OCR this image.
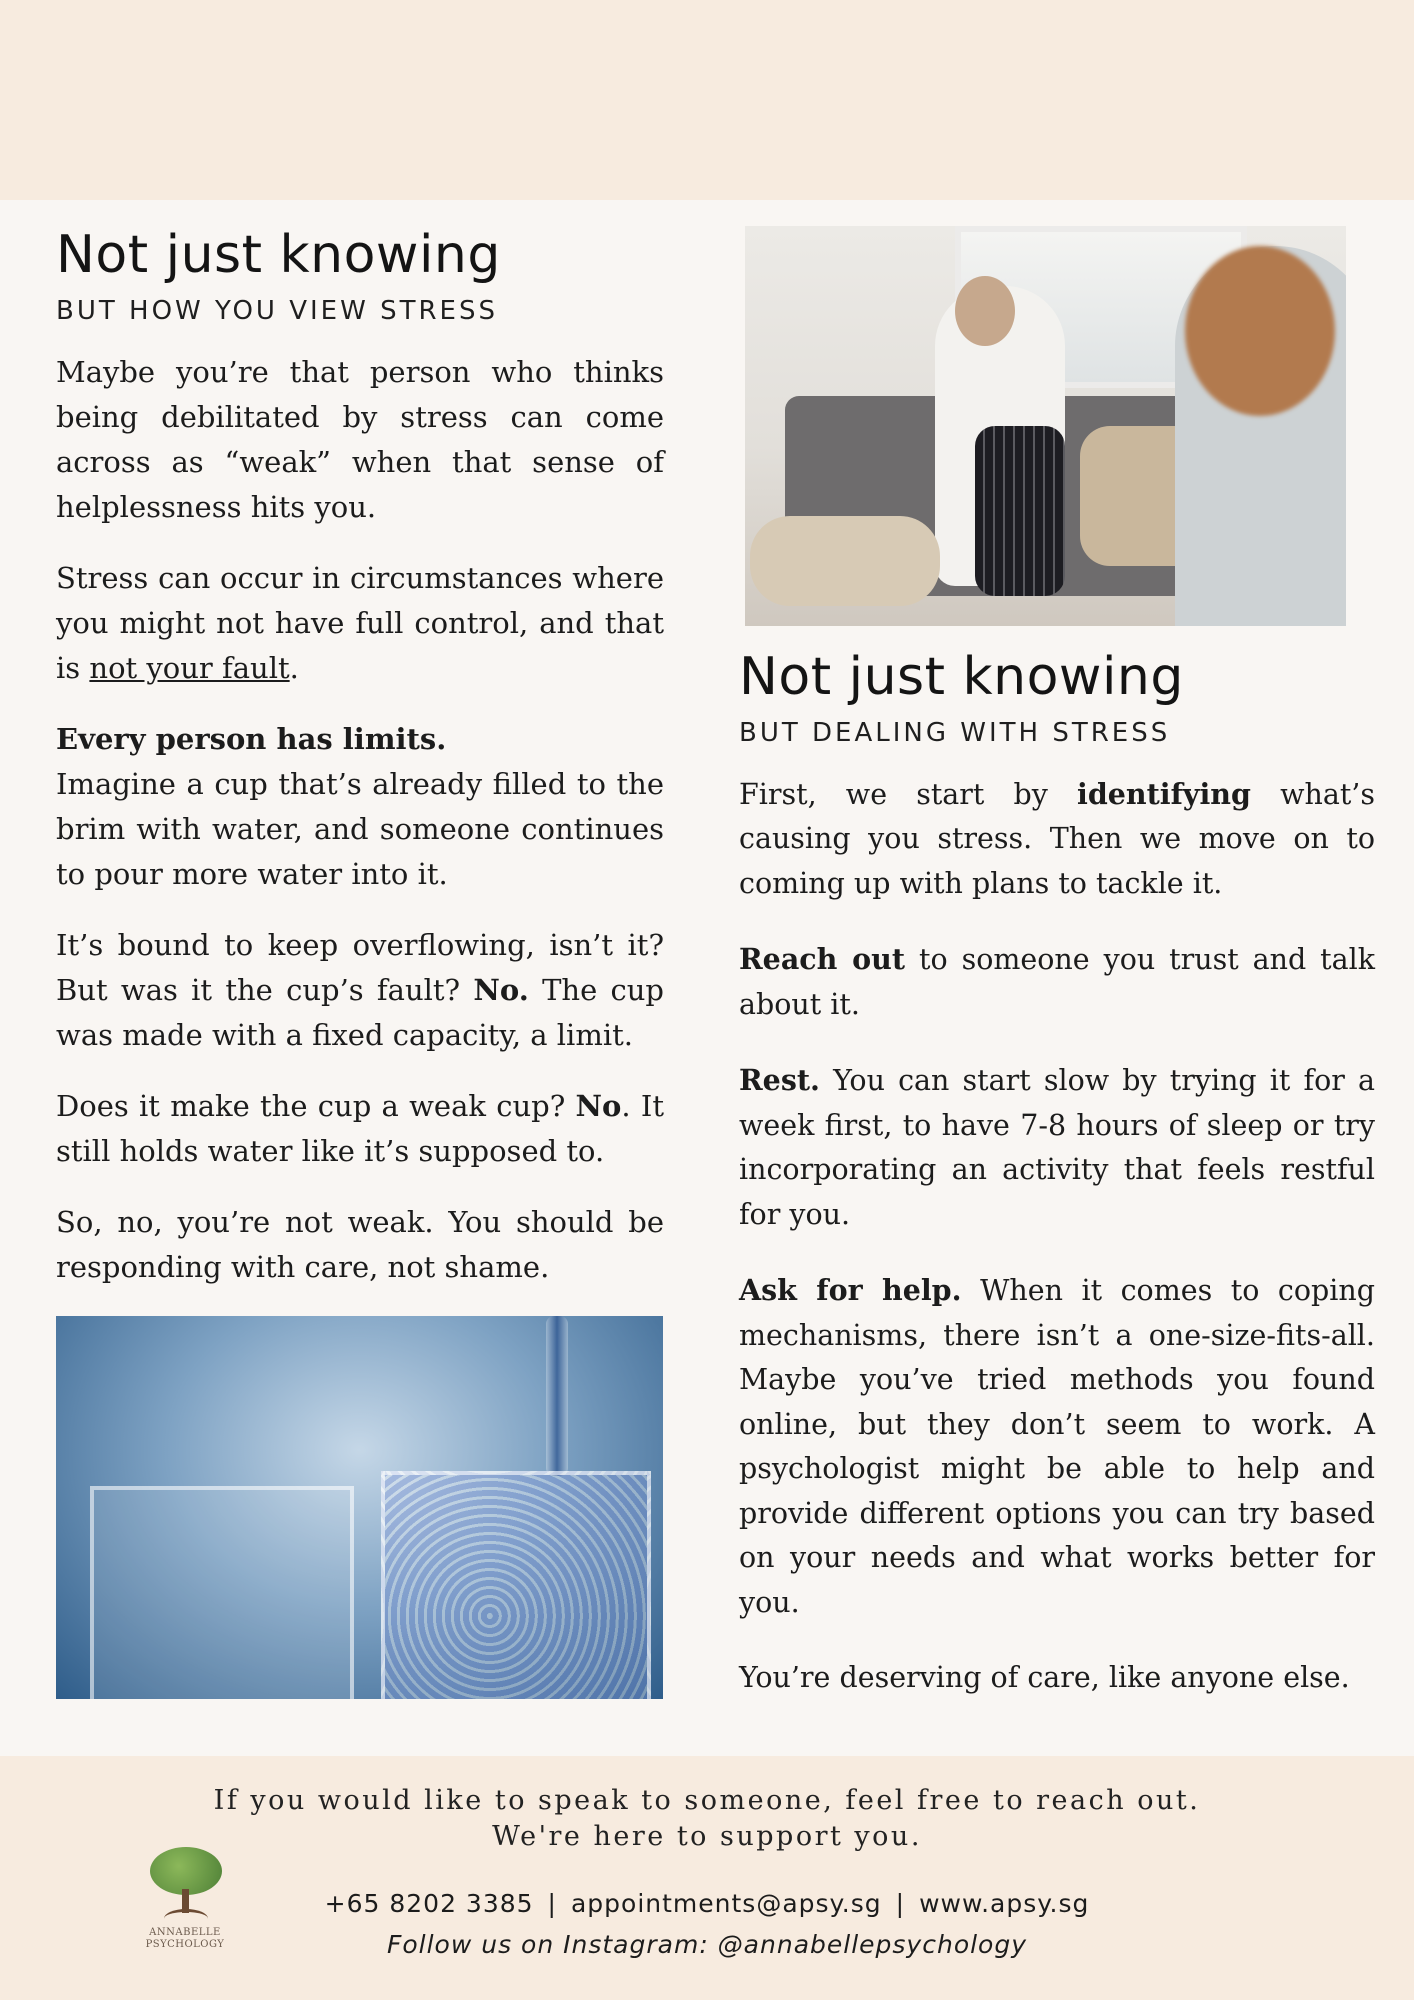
Not just knowing
BUT HOW YOU VIEW STRESS

Maybe you’re that person who thinks being debilitated by stress can come across as “weak” when that sense of helplessness hits you.

Stress can occur in circumstances where you might not have full control, and that is not your fault.

Every person has limits.
Imagine a cup that’s already filled to the brim with water, and someone continues to pour more water into it.

It’s bound to keep overflowing, isn’t it? But was it the cup’s fault? No. The cup was made with a fixed capacity, a limit.

Does it make the cup a weak cup? No. It still holds water like it’s supposed to.

So, no, you’re not weak. You should be responding with care, not shame.

Not just knowing
BUT DEALING WITH STRESS

First, we start by identifying what’s causing you stress. Then we move on to coming up with plans to tackle it.

Reach out to someone you trust and talk about it.

Rest. You can start slow by trying it for a week first, to have 7-8 hours of sleep or try incorporating an activity that feels restful for you.

Ask for help. When it comes to coping mechanisms, there isn’t a one-size-fits-all. Maybe you’ve tried methods you found online, but they don’t seem to work. A psychologist might be able to help and provide different options you can try based on your needs and what works better for you.

You’re deserving of care, like anyone else.

If you would like to speak to someone, feel free to reach out.
We're here to support you.
ANNABELLE
PSYCHOLOGY
+65 8202 3385 | appointments@apsy.sg | www.apsy.sg
Follow us on Instagram: @annabellepsychology
